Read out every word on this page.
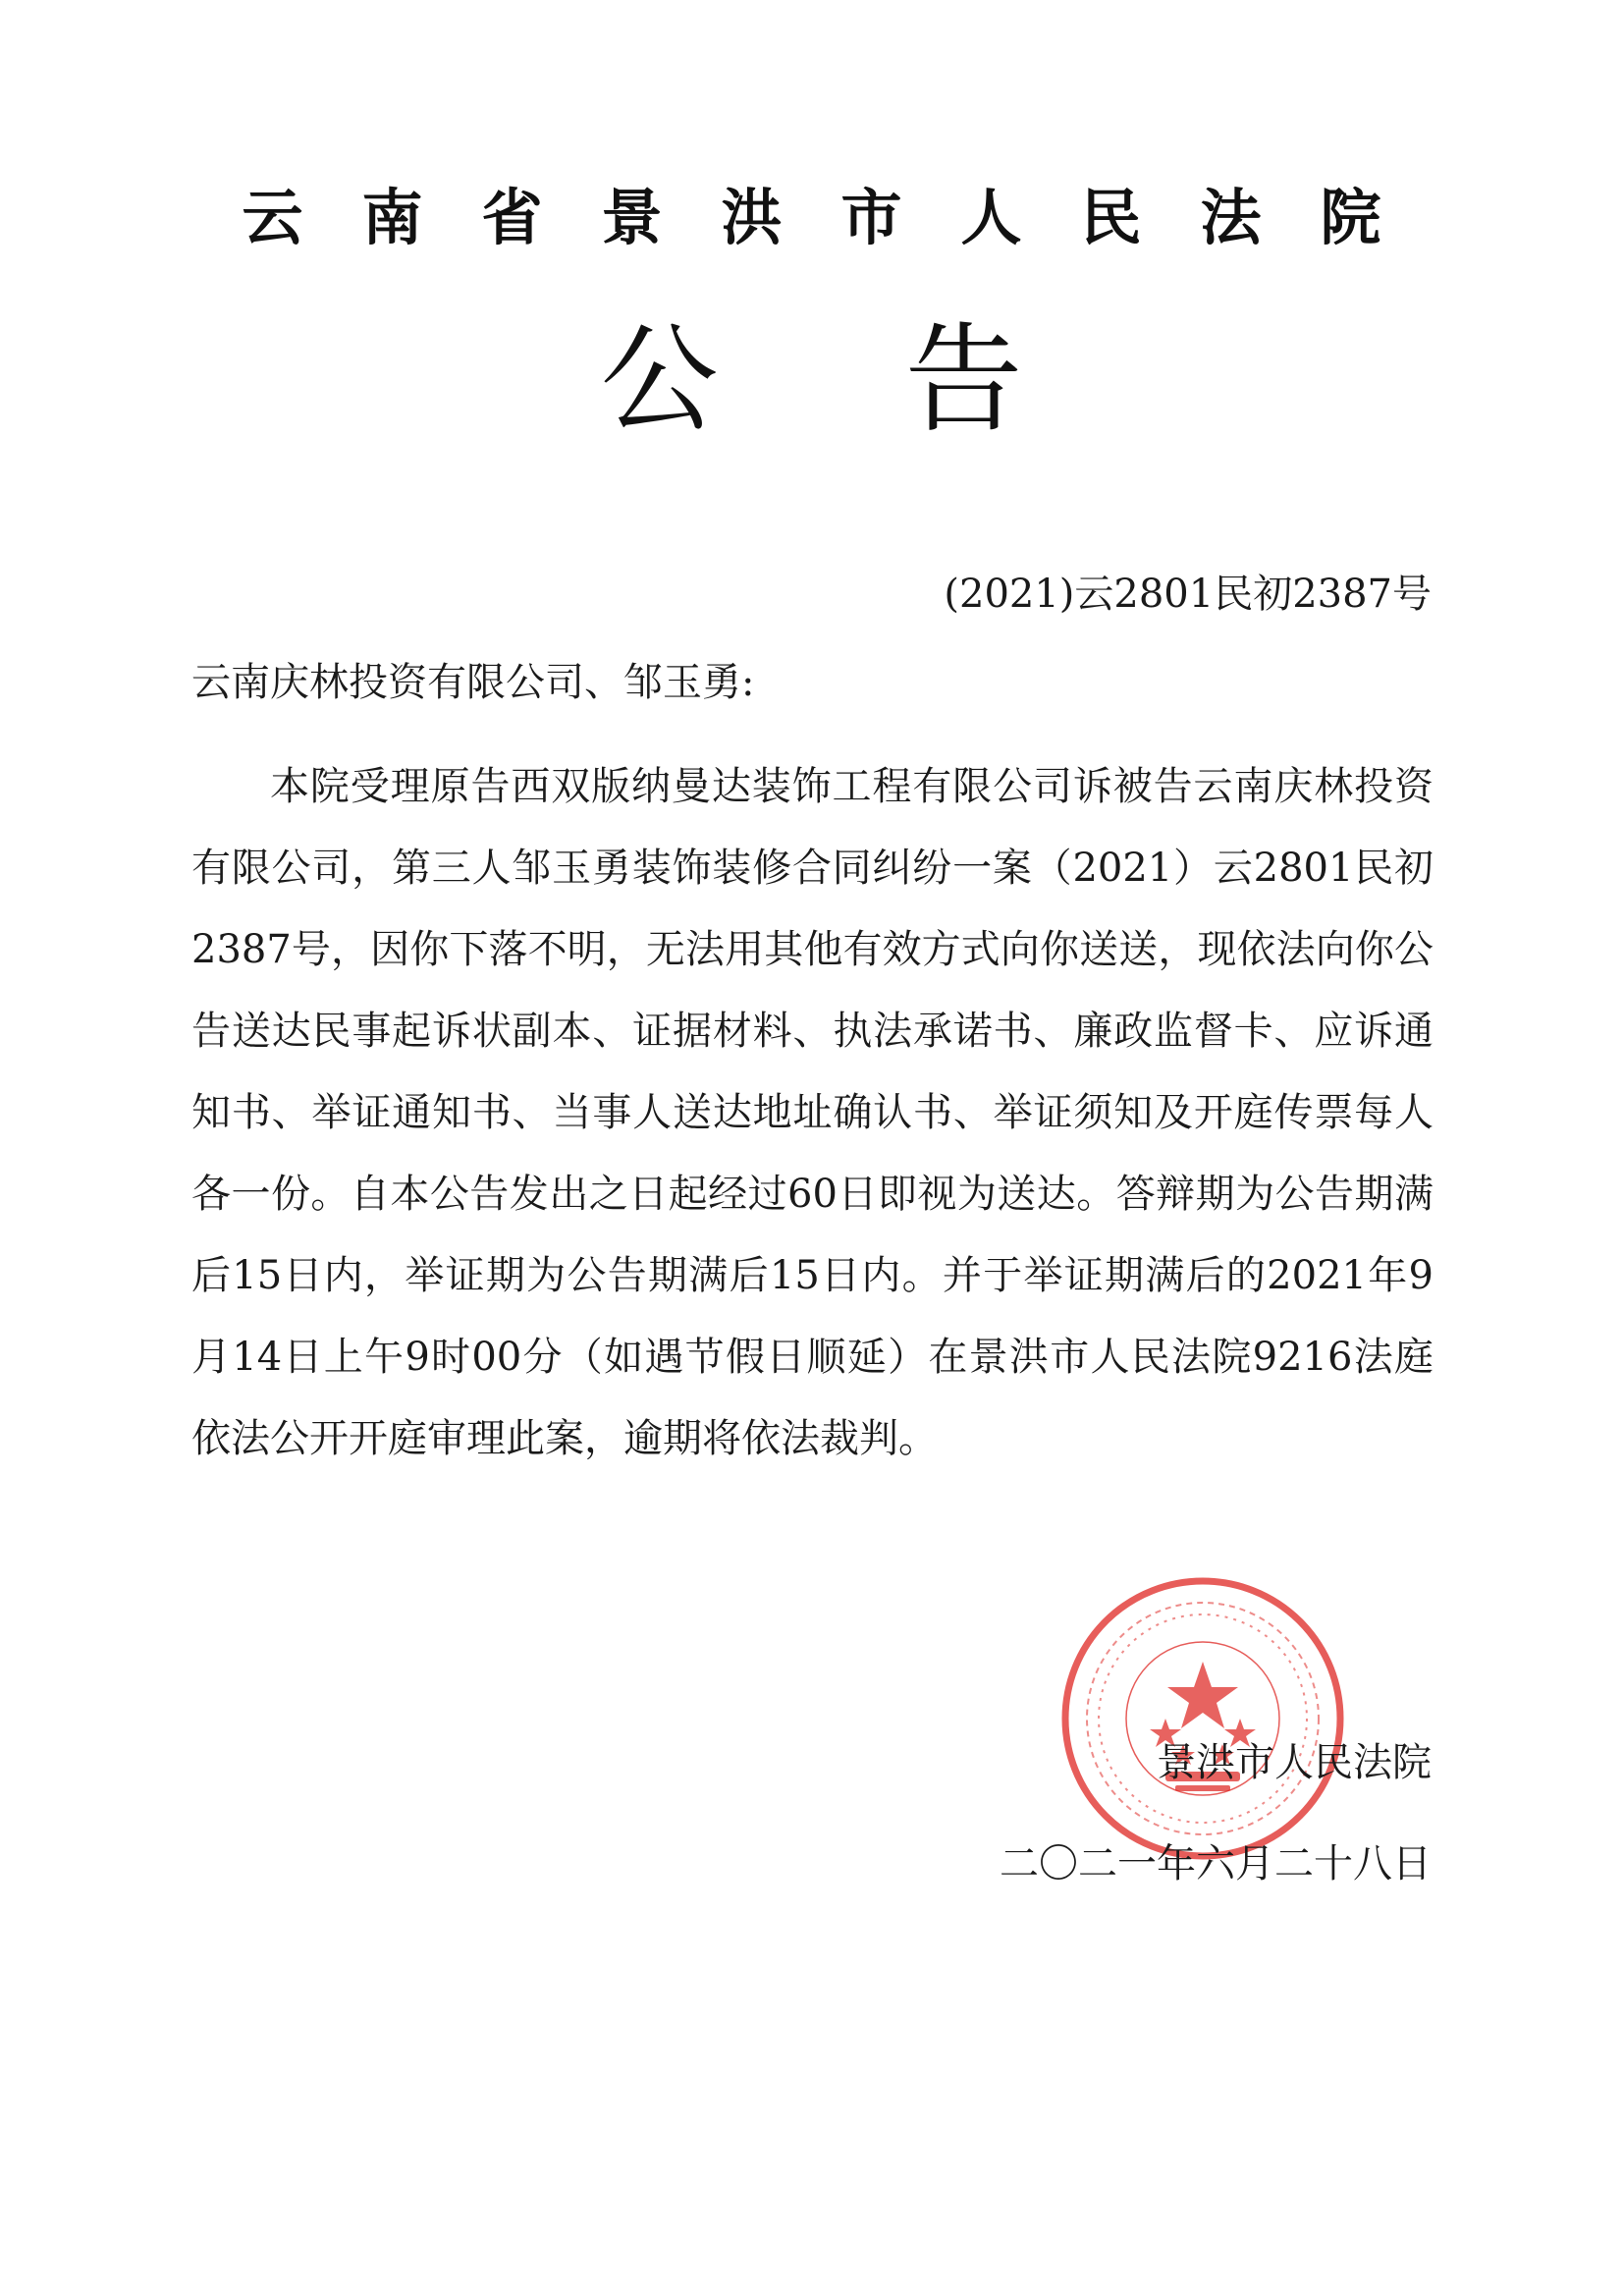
云南省景洪市人民法院
公告
(2021)云2801民初2387号
云南庆林投资有限公司、邹玉勇:
本院受理原告西双版纳曼达装饰工程有限公司诉被告云南庆林投资有限公司，第三人邹玉勇装饰装修合同纠纷一案（2021）云2801民初2387号，因你下落不明，无法用其他有效方式向你送送，现依法向你公告送达民事起诉状副本、证据材料、执法承诺书、廉政监督卡、应诉通知书、举证通知书、当事人送达地址确认书、举证须知及开庭传票每人各一份。自本公告发出之日起经过60日即视为送达。答辩期为公告期满后15日内，举证期为公告期满后15日内。并于举证期满后的2021年9月14日上午9时00分（如遇节假日顺延）在景洪市人民法院9216法庭依法公开开庭审理此案，逾期将依法裁判。
景洪市人民法院
二〇二一年六月二十八日
